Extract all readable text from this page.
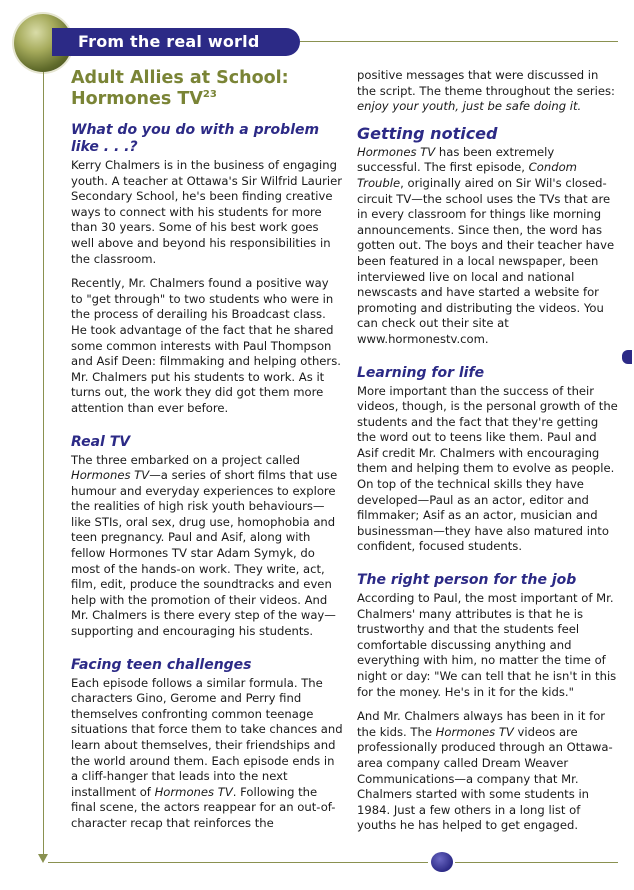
From the real world
Adult Allies at School: Hormones TV$^{23}$
What do you do with a problem like . . .?

Kerry Chalmers is in the business of engaging youth. A teacher at Ottawa's Sir Wilfrid Laurier Secondary School, he's been finding creative ways to connect with his students for more than 30 years. Some of his best work goes well above and beyond his responsibilities in the classroom.

Recently, Mr. Chalmers found a positive way to "get through" to two students who were in the process of derailing his Broadcast class. He took advantage of the fact that he shared some common interests with Paul Thompson and Asif Deen: filmmaking and helping others. Mr. Chalmers put his students to work. As it turns out, the work they did got them more attention than ever before.

Real TV

The three embarked on a project called Hormones TV—a series of short films that use humour and everyday experiences to explore the realities of high risk youth behaviours—like STIs, oral sex, drug use, homophobia and teen pregnancy. Paul and Asif, along with fellow Hormones TV star Adam Symyk, do most of the hands-on work. They write, act, film, edit, produce the soundtracks and even help with the promotion of their videos. And Mr. Chalmers is there every step of the way—supporting and encouraging his students.

Facing teen challenges

Each episode follows a similar formula. The characters Gino, Gerome and Perry find themselves confronting common teenage situations that force them to take chances and learn about themselves, their friendships and the world around them. Each episode ends in a cliff-hanger that leads into the next installment of Hormones TV. Following the final scene, the actors reappear for an out-of-character recap that reinforces the

positive messages that were discussed in the script. The theme throughout the series: enjoy your youth, just be safe doing it.

Getting noticed

Hormones TV has been extremely successful. The first episode, Condom Trouble, originally aired on Sir Wil's closed-circuit TV—the school uses the TVs that are in every classroom for things like morning announcements. Since then, the word has gotten out. The boys and their teacher have been featured in a local newspaper, been interviewed live on local and national newscasts and have started a website for promoting and distributing the videos. You can check out their site at www.hormonestv.com.

Learning for life

More important than the success of their videos, though, is the personal growth of the students and the fact that they're getting the word out to teens like them. Paul and Asif credit Mr. Chalmers with encouraging them and helping them to evolve as people. On top of the technical skills they have developed—Paul as an actor, editor and filmmaker; Asif as an actor, musician and businessman—they have also matured into confident, focused students.

The right person for the job

According to Paul, the most important of Mr. Chalmers' many attributes is that he is trustworthy and that the students feel comfortable discussing anything and everything with him, no matter the time of night or day: "We can tell that he isn't in this for the money. He's in it for the kids."

And Mr. Chalmers always has been in it for the kids. The Hormones TV videos are professionally produced through an Ottawa-area company called Dream Weaver Communications—a company that Mr. Chalmers started with some students in 1984. Just a few others in a long list of youths he has helped to get engaged.
